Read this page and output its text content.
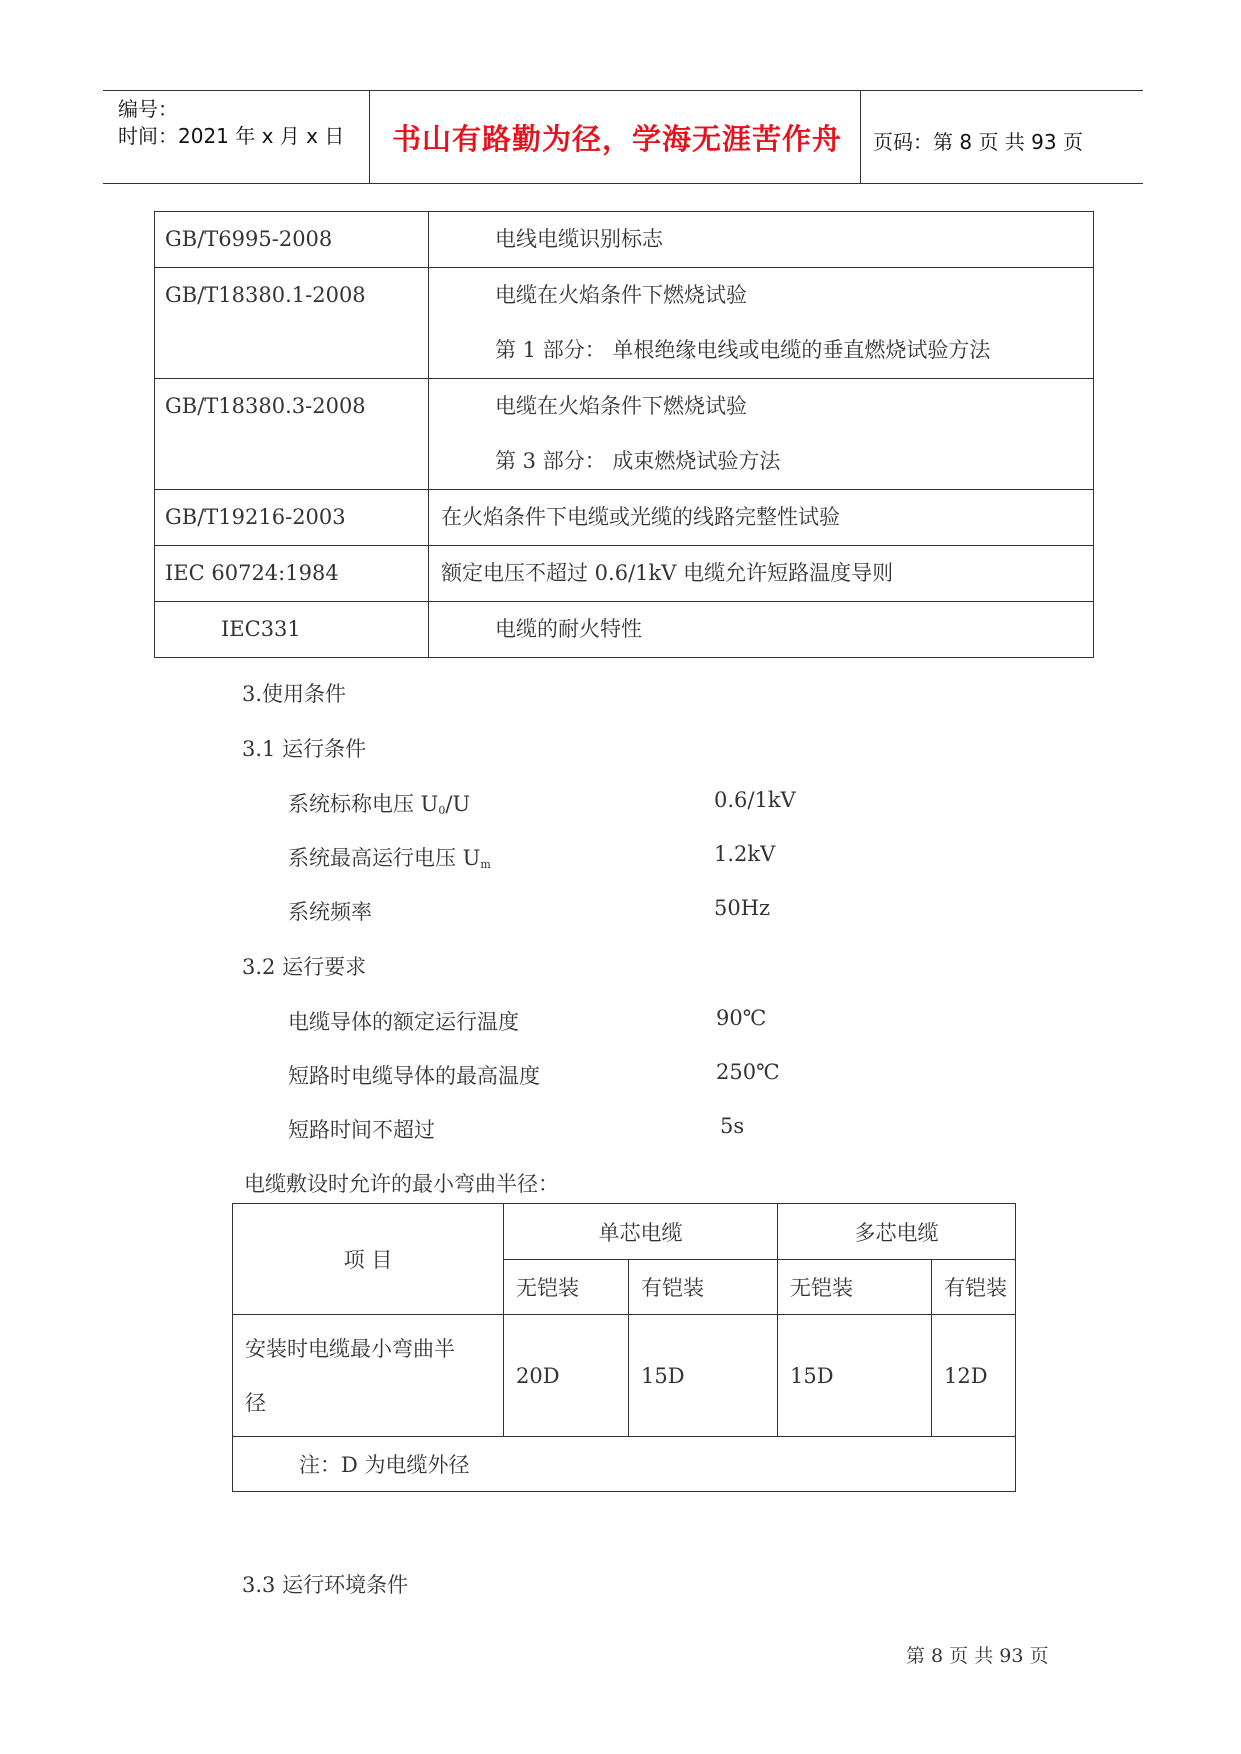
编号：
时间：2021 年 x 月 x 日 书山有路勤为径，学海无涯苦作舟 页码：第 8 页 共 93 页
GB/T6995-2008	电线电缆识别标志

GB/T18380.1-2008	电缆在火焰条件下燃烧试验
第 1 部分： 单根绝缘电线或电缆的垂直燃烧试验方法

GB/T18380.3-2008	电缆在火焰条件下燃烧试验
第 3 部分： 成束燃烧试验方法

GB/T19216-2003	在火焰条件下电缆或光缆的线路完整性试验

IEC 60724:1984	额定电压不超过 0.6/1kV 电缆允许短路温度导则

IEC331	电缆的耐火特性
3.使用条件
3.1 运行条件
系统标称电压 $U_0/U$	0.6/1kV
系统最高运行电压 $U_m$	1.2kV
系统频率	50Hz
3.2 运行要求
电缆导体的额定运行温度	90℃
短路时电缆导体的最高温度	250℃
短路时间不超过	5s
电缆敷设时允许的最小弯曲半径：
项 目	单芯电缆		多芯电缆	
	无铠装	有铠装	无铠装	有铠装

安装时电缆最小弯曲半
径	20D	15D	15D	12D
注：D 为电缆外径				
3.3 运行环境条件
第 8 页 共 93 页
